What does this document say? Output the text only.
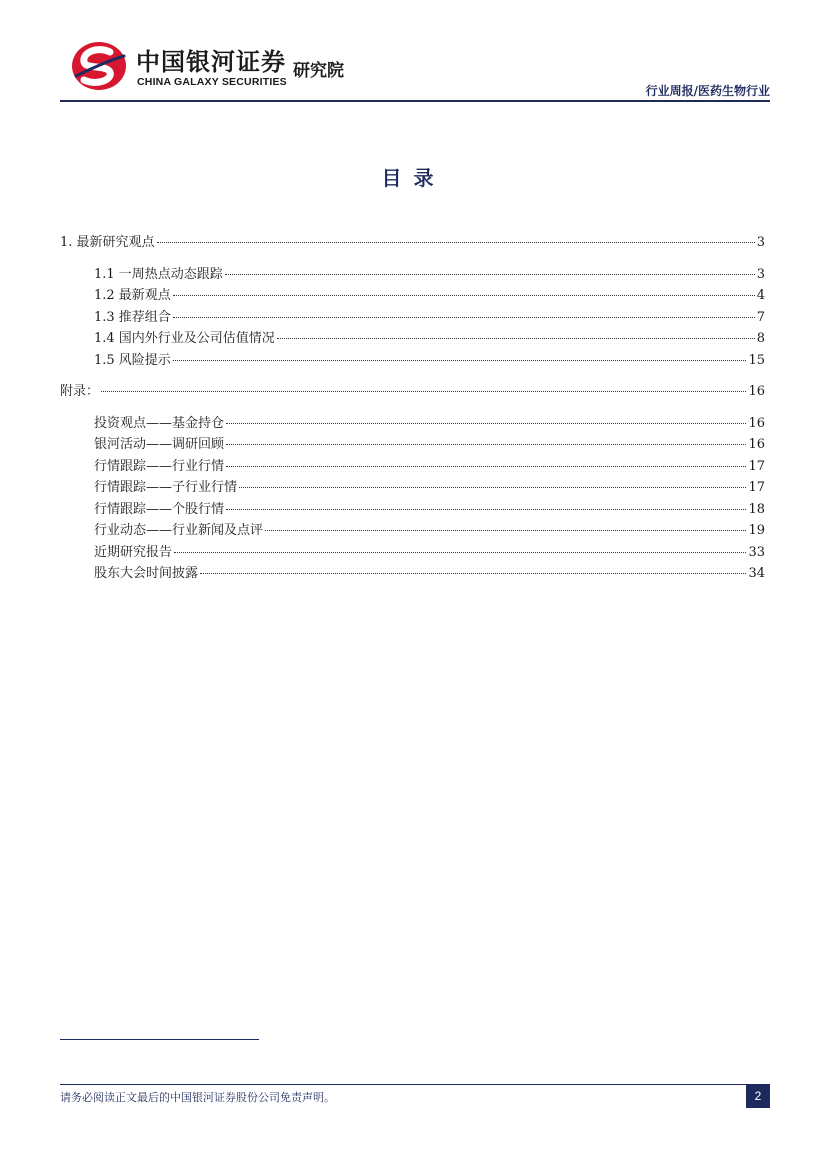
中国银河证券
CHINA GALAXY SECURITIES
研究院
行业周报/医药生物行业
目录
1. 最新研究观点	3
1.1 一周热点动态跟踪	3
1.2 最新观点	4
1.3 推荐组合	7
1.4 国内外行业及公司估值情况	8
1.5 风险提示	15
附录：	16
投资观点——基金持仓	16
银河活动——调研回顾	16
行情跟踪——行业行情	17
行情跟踪——子行业行情	17
行情跟踪——个股行情	18
行业动态——行业新闻及点评	19
近期研究报告	33
股东大会时间披露	34
请务必阅读正文最后的中国银河证券股份公司免责声明。	2
